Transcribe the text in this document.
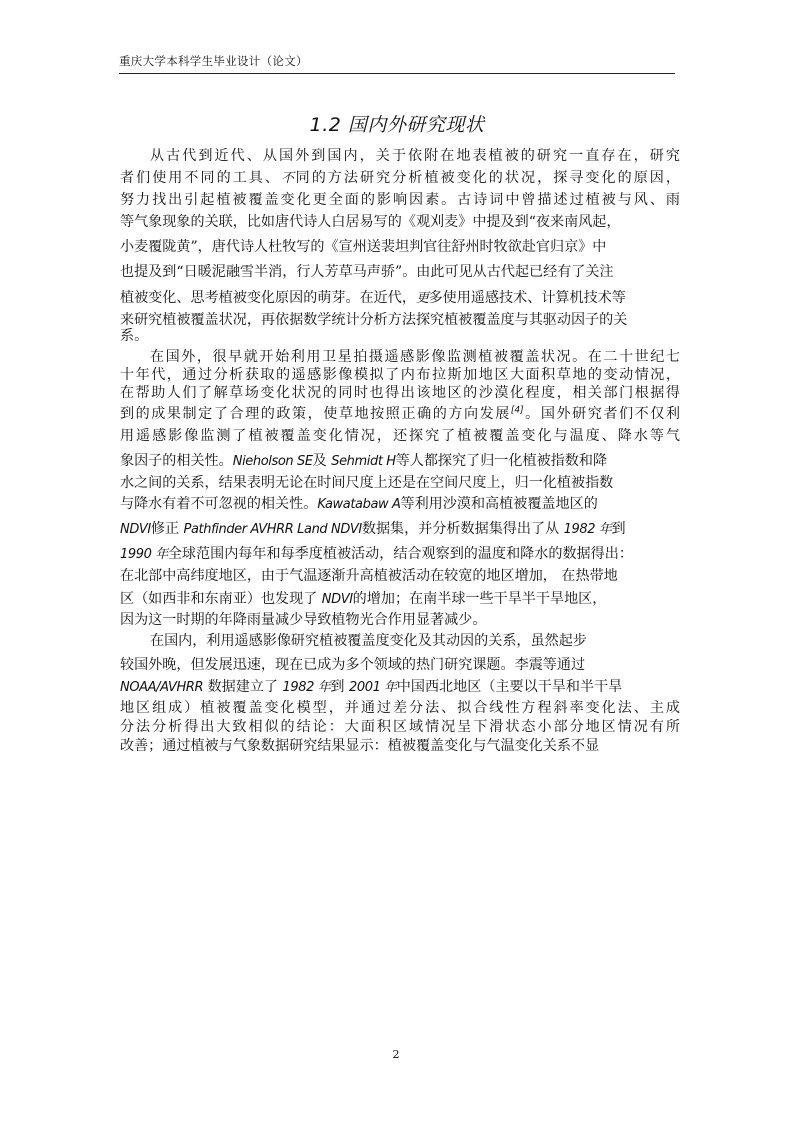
重庆大学本科学生毕业设计（论文）
1.2 国内外研究现状
从古代到近代、从国外到国内，关于依附在地表植被的研究一直存在，研究
者们使用不同的工具、不同的方法研究分析植被变化的状况，探寻变化的原因，
努力找出引起植被覆盖变化更全面的影响因素。古诗词中曾描述过植被与风、雨
等气象现象的关联，比如唐代诗人白居易写的《观刈麦》中提及到“夜来南风起，
小麦覆陇黄”，唐代诗人杜牧写的《宣州送裴坦判官往舒州时牧欲赴官归京》中
也提及到“日暖泥融雪半消，行人芳草马声骄”。由此可见从古代起已经有了关注
植被变化、思考植被变化原因的萌芽。在近代，更多使用遥感技术、计算机技术等
来研究植被覆盖状况，再依据数学统计分析方法探究植被覆盖度与其驱动因子的关
系。
在国外，很早就开始利用卫星拍摄遥感影像监测植被覆盖状况。在二十世纪七
十年代，通过分析获取的遥感影像模拟了内布拉斯加地区大面积草地的变动情况，
在帮助人们了解草场变化状况的同时也得出该地区的沙漠化程度，相关部门根据得
到的成果制定了合理的政策，使草地按照正确的方向发展[4]。国外研究者们不仅利
用遥感影像监测了植被覆盖变化情况，还探究了植被覆盖变化与温度、降水等气
象因子的相关性。Nieholson SE及 Sehmidt H等人都探究了归一化植被指数和降
水之间的关系，结果表明无论在时间尺度上还是在空间尺度上，归一化植被指数
与降水有着不可忽视的相关性。Kawatabaw A等利用沙漠和高植被覆盖地区的
NDVI修正 Pathfinder AVHRR Land NDVI数据集，并分析数据集得出了从 1982 年到
1990 年全球范围内每年和每季度植被活动，结合观察到的温度和降水的数据得出：
在北部中高纬度地区，由于气温逐渐升高植被活动在较宽的地区增加， 在热带地
区（如西非和东南亚）也发现了 NDVI的增加；在南半球一些干旱半干旱地区，
因为这一时期的年降雨量减少导致植物光合作用显著减少。
在国内，利用遥感影像研究植被覆盖度变化及其动因的关系，虽然起步
较国外晚，但发展迅速，现在已成为多个领域的热门研究课题。李震等通过
NOAA/AVHRR 数据建立了 1982 年到 2001 年中国西北地区（主要以干旱和半干旱
地区组成）植被覆盖变化模型，并通过差分法、拟合线性方程斜率变化法、主成
分法分析得出大致相似的结论：大面积区域情况呈下滑状态小部分地区情况有所
改善；通过植被与气象数据研究结果显示：植被覆盖变化与气温变化关系不显
2
